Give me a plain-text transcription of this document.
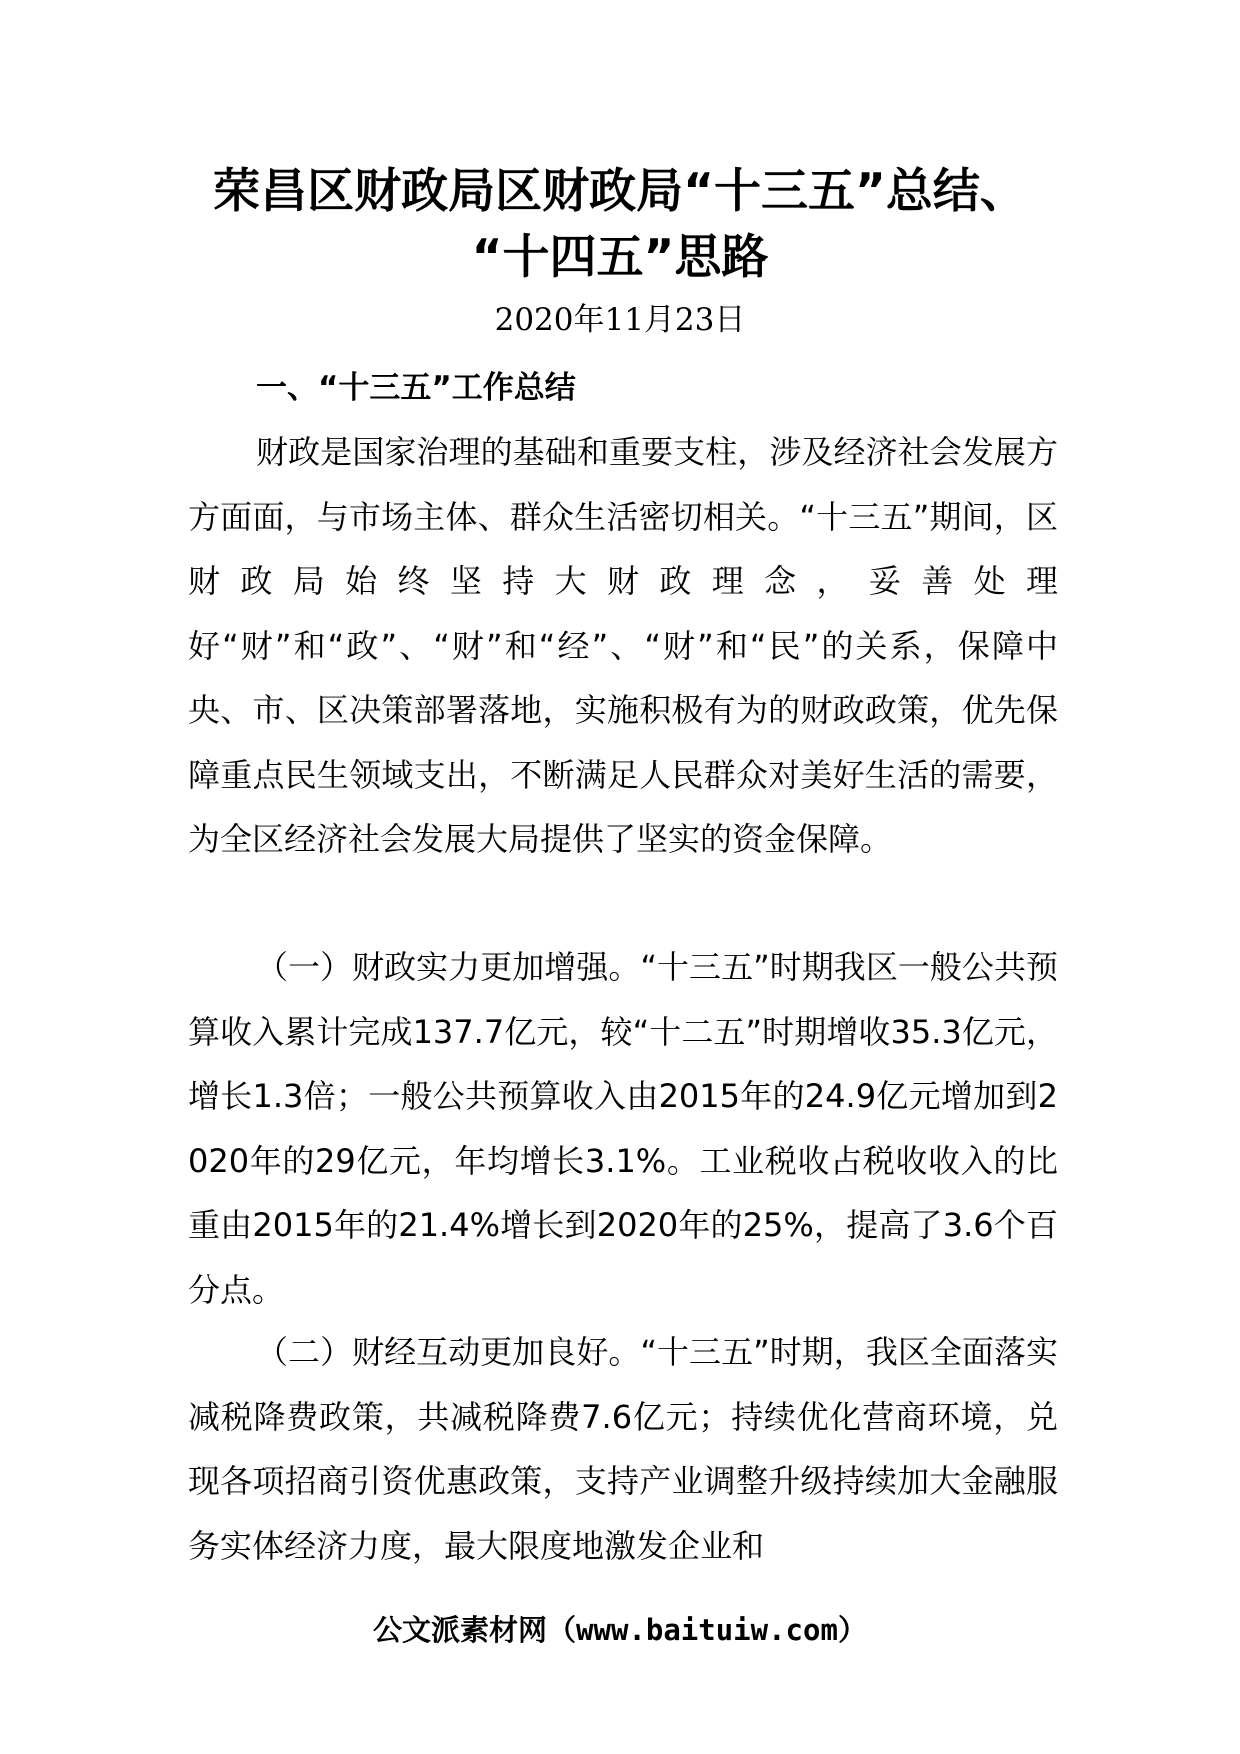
荣昌区财政局区财政局“十三五”总结、
“十四五”思路
2020年11月23日
一、“十三五”工作总结

财政是国家治理的基础和重要支柱，涉及经济社会发展方方面面，与市场主体、群众生活密切相关。“十三五”期间，区财政局始终坚持大财政理念，妥善处理好“财”和“政”、“财”和“经”、“财”和“民”的关系，保障中央、市、区决策部署落地，实施积极有为的财政政策，优先保障重点民生领域支出，不断满足人民群众对美好生活的需要，为全区经济社会发展大局提供了坚实的资金保障。

（一）财政实力更加增强。“十三五”时期我区一般公共预算收入累计完成137.7亿元，较“十二五”时期增收35.3亿元，增长1.3倍；一般公共预算收入由2015年的24.9亿元增加到2020年的29亿元，年均增长3.1%。工业税收占税收收入的比重由2015年的21.4%增长到2020年的25%，提高了3.6个百分点。

（二）财经互动更加良好。“十三五”时期，我区全面落实减税降费政策，共减税降费7.6亿元；持续优化营商环境，兑现各项招商引资优惠政策，支持产业调整升级持续加大金融服务实体经济力度，最大限度地激发企业和

公文派素材网（www.baituiw.com）
